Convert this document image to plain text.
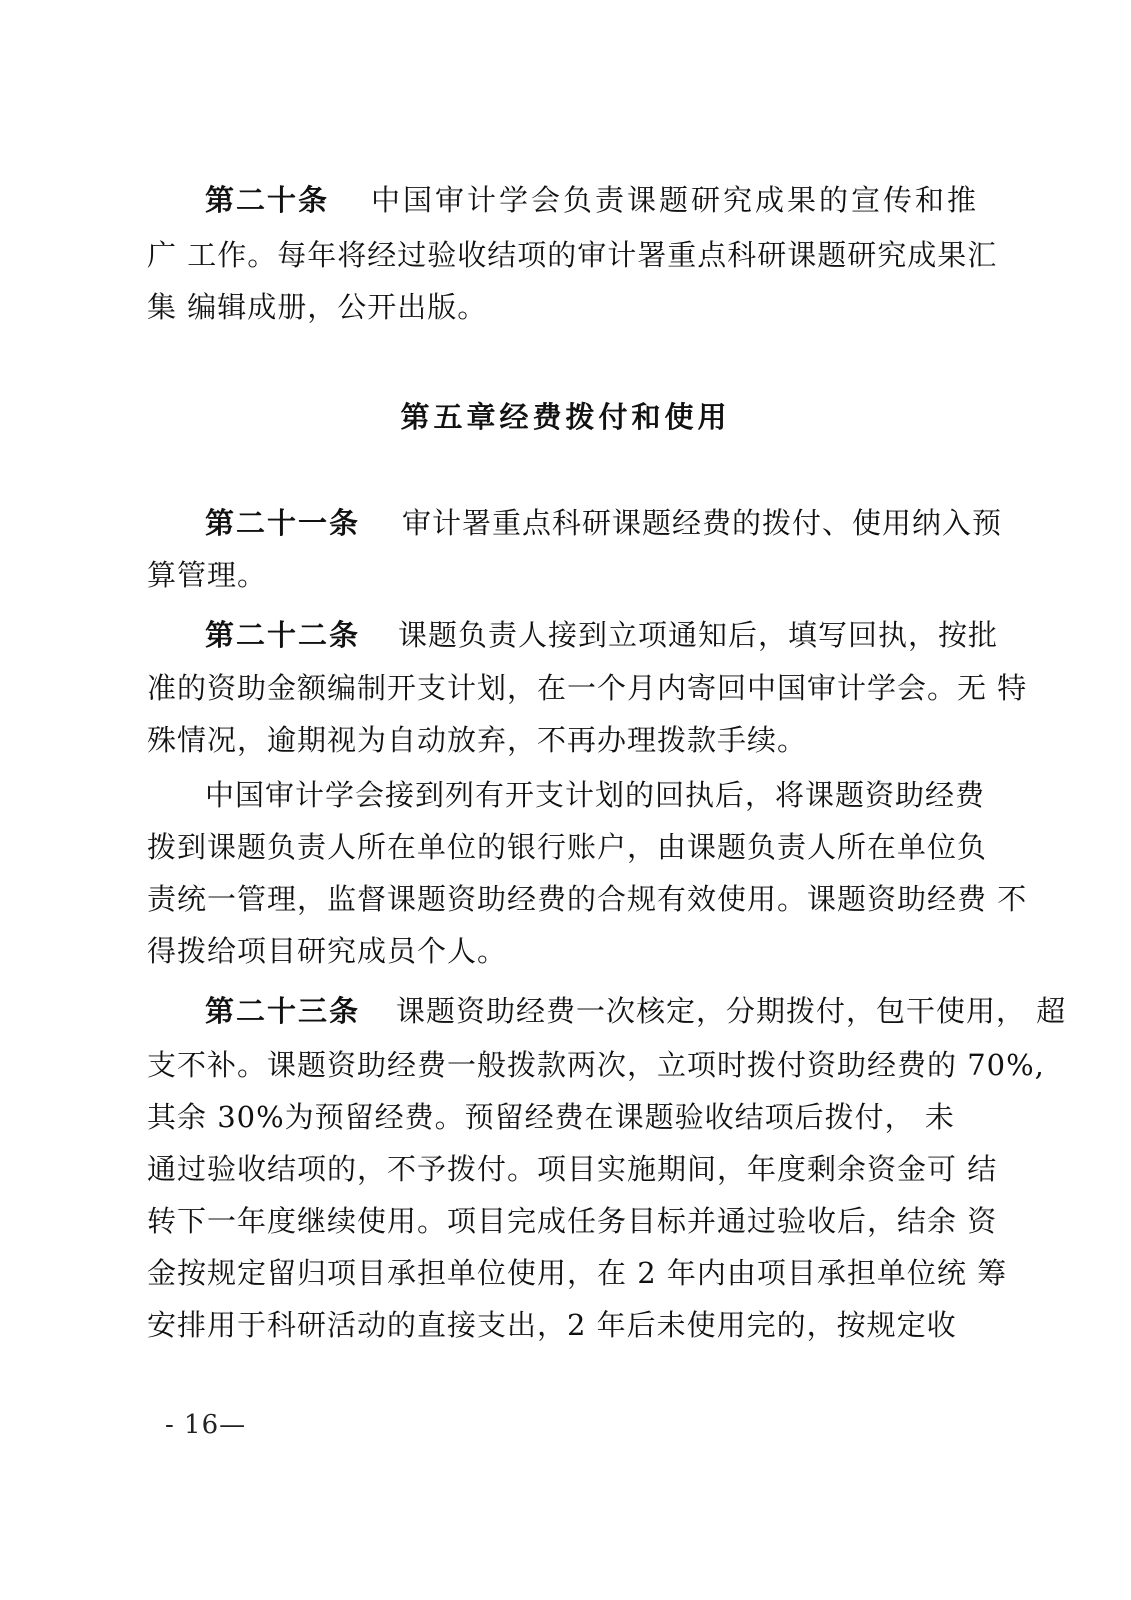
第二十条 中国审计学会负责课题研究成果的宣传和推
广 工作。每年将经过验收结项的审计署重点科研课题研究成果汇
集 编辑成册，公开出版。
第五章经费拨付和使用
第二十一条 审计署重点科研课题经费的拨付、使用纳入预
算管理。
第二十二条 课题负责人接到立项通知后，填写回执，按批
准的资助金额编制开支计划，在一个月内寄回中国审计学会。无 特
殊情况，逾期视为自动放弃，不再办理拨款手续。
中国审计学会接到列有开支计划的回执后，将课题资助经费
拨到课题负责人所在单位的银行账户，由课题负责人所在单位负
责统一管理，监督课题资助经费的合规有效使用。课题资助经费 不
得拨给项目研究成员个人。
第二十三条 课题资助经费一次核定，分期拨付，包干使用， 超
支不补。课题资助经费一般拨款两次，立项时拨付资助经费的 70%,
其余 30%为预留经费。预留经费在课题验收结项后拨付， 未
通过验收结项的，不予拨付。项目实施期间，年度剩余资金可 结
转下一年度继续使用。项目完成任务目标并通过验收后，结余 资
金按规定留归项目承担单位使用，在 2 年内由项目承担单位统 筹
安排用于科研活动的直接支出，2 年后未使用完的，按规定收
- 16—
